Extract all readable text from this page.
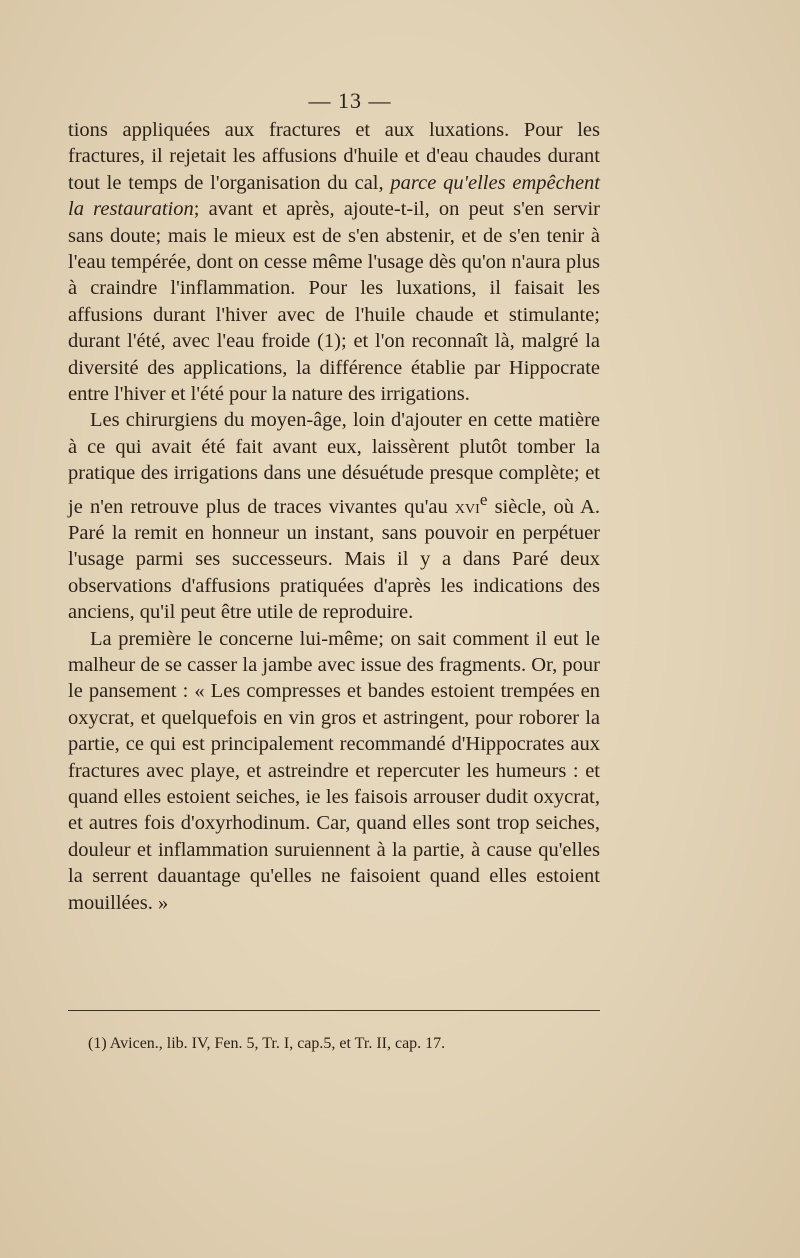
— 13 —

tions appliquées aux fractures et aux luxations. Pour les fractures, il rejetait les affusions d'huile et d'eau chaudes durant tout le temps de l'organisation du cal, parce qu'elles empêchent la restauration; avant et après, ajoute-t-il, on peut s'en servir sans doute; mais le mieux est de s'en abstenir, et de s'en tenir à l'eau tempérée, dont on cesse même l'usage dès qu'on n'aura plus à craindre l'inflammation. Pour les luxations, il faisait les affusions durant l'hiver avec de l'huile chaude et stimulante; durant l'été, avec l'eau froide (1); et l'on reconnaît là, malgré la diversité des applications, la différence établie par Hippocrate entre l'hiver et l'été pour la nature des irrigations.

Les chirurgiens du moyen-âge, loin d'ajouter en cette matière à ce qui avait été fait avant eux, laissèrent plutôt tomber la pratique des irrigations dans une désuétude presque complète; et je n'en retrouve plus de traces vivantes qu'au xvi$^e$ siècle, où A. Paré la remit en honneur un instant, sans pouvoir en perpétuer l'usage parmi ses successeurs. Mais il y a dans Paré deux observations d'affusions pratiquées d'après les indications des anciens, qu'il peut être utile de reproduire.

La première le concerne lui-même; on sait comment il eut le malheur de se casser la jambe avec issue des fragments. Or, pour le pansement : « Les compresses et bandes estoient trempées en oxycrat, et quelquefois en vin gros et astringent, pour roborer la partie, ce qui est principalement recommandé d'Hippocrates aux fractures avec playe, et astreindre et repercuter les humeurs : et quand elles estoient seiches, ie les faisois arrouser dudit oxycrat, et autres fois d'oxyrhodinum. Car, quand elles sont trop seiches, douleur et inflammation suruiennent à la partie, à cause qu'elles la serrent dauantage qu'elles ne faisoient quand elles estoient mouillées. »

(1) Avicen., lib. IV, Fen. 5, Tr. I, cap.5, et Tr. II, cap. 17.
